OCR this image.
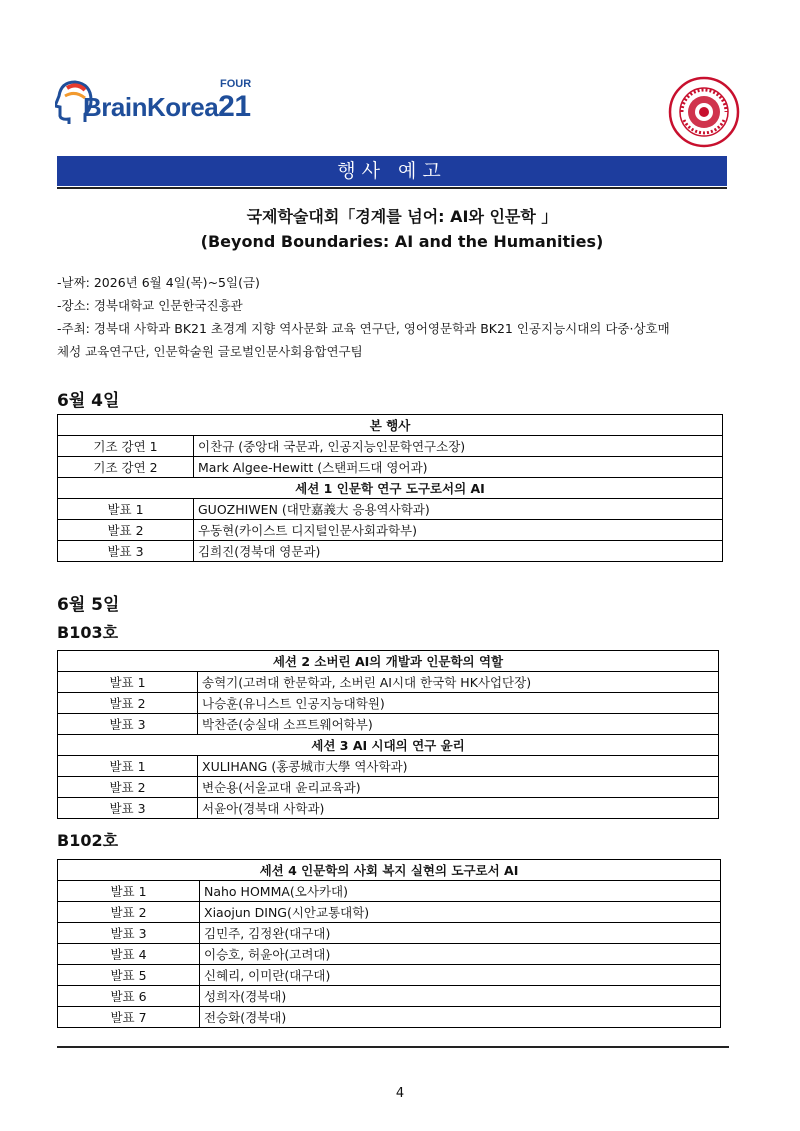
FOUR
BrainKorea21
행사 예고
국제학술대회「경계를 넘어: AI와 인문학 」
(Beyond Boundaries: AI and the Humanities)
-날짜: 2026년 6월 4일(목)~5일(금)
-장소: 경북대학교 인문한국진흥관
-주최: 경북대 사학과 BK21 초경계 지향 역사문화 교육 연구단, 영어영문학과 BK21 인공지능시대의 다중·상호매
체성 교육연구단, 인문학술원 글로벌인문사회융합연구팀
6월 4일
본 행사	
기조 강연 1	이찬규 (중앙대 국문과, 인공지능인문학연구소장)
기조 강연 2	Mark Algee-Hewitt (스탠퍼드대 영어과)
세션 1 인문학 연구 도구로서의 AI	
발표 1	GUOZHIWEN (대만嘉義大 응용역사학과)
발표 2	우동현(카이스트 디지털인문사회과학부)
발표 3	김희진(경북대 영문과)
6월 5일
B103호
세션 2 소버린 AI의 개발과 인문학의 역할	
발표 1	송혁기(고려대 한문학과, 소버린 AI시대 한국학 HK사업단장)
발표 2	나승훈(유니스트 인공지능대학원)
발표 3	박찬준(숭실대 소프트웨어학부)
세션 3 AI 시대의 연구 윤리	
발표 1	XULIHANG (홍콩城市大學 역사학과)
발표 2	변순용(서울교대 윤리교육과)
발표 3	서윤아(경북대 사학과)
B102호
세션 4 인문학의 사회 복지 실현의 도구로서 AI	
발표 1	Naho HOMMA(오사카대)
발표 2	Xiaojun DING(시안교통대학)
발표 3	김민주, 김정완(대구대)
발표 4	이승호, 허윤아(고려대)
발표 5	신혜리, 이미란(대구대)
발표 6	성희자(경북대)
발표 7	전승화(경북대)
4
